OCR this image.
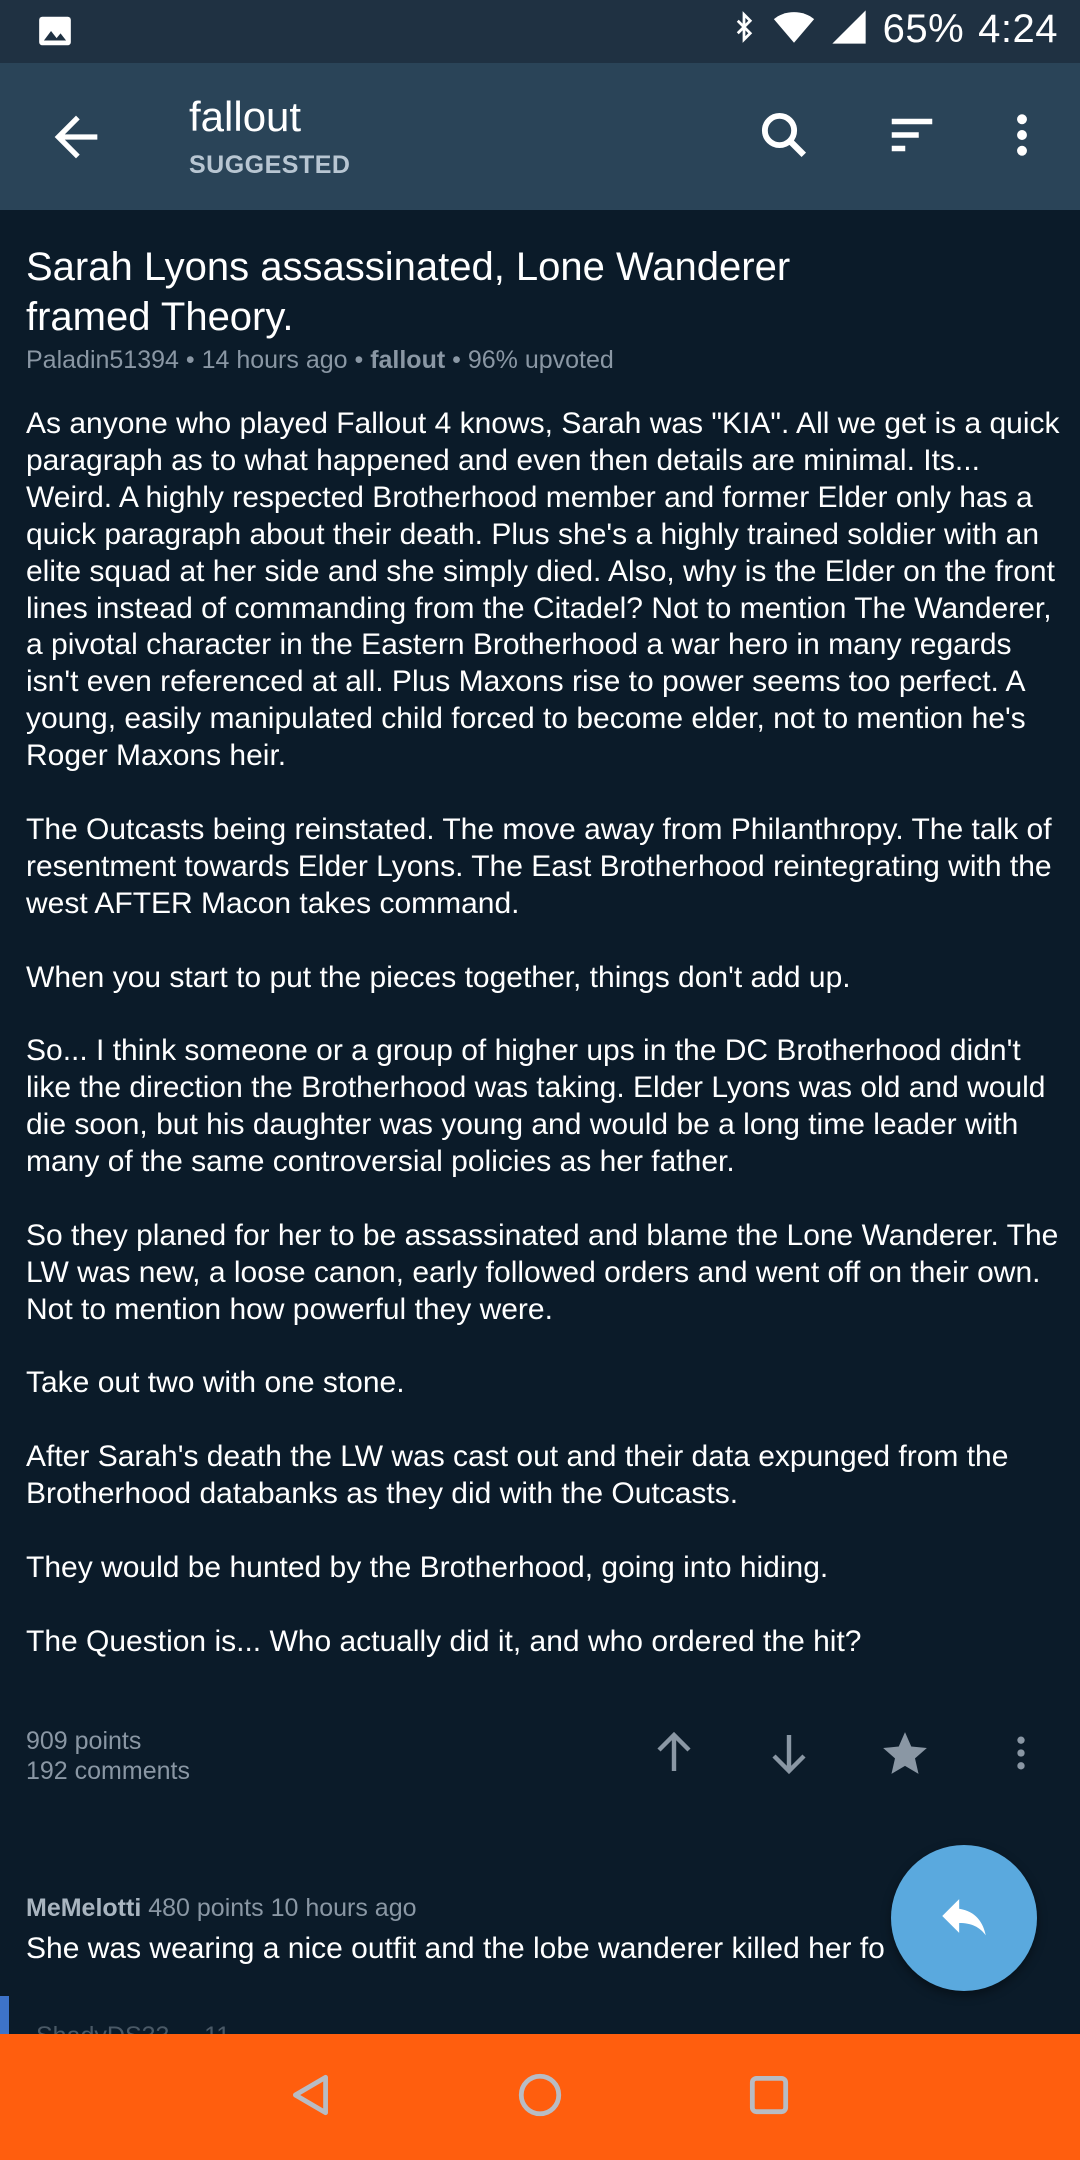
65% 4:24
fallout
SUGGESTED
Sarah Lyons assassinated, Lone Wanderer framed Theory.
Paladin51394 • 14 hours ago • fallout • 96% upvoted

As anyone who played Fallout 4 knows, Sarah was "KIA". All we get is a quick paragraph as to what happened and even then details are minimal. Its... Weird. A highly respected Brotherhood member and former Elder only has a quick paragraph about their death. Plus she's a highly trained soldier with an elite squad at her side and she simply died. Also, why is the Elder on the front lines instead of commanding from the Citadel? Not to mention The Wanderer, a pivotal character in the Eastern Brotherhood a war hero in many regards isn't even referenced at all. Plus Maxons rise to power seems too perfect. A young, easily manipulated child forced to become elder, not to mention he's Roger Maxons heir.

The Outcasts being reinstated. The move away from Philanthropy. The talk of resentment towards Elder Lyons. The East Brotherhood reintegrating with the west AFTER Macon takes command.

When you start to put the pieces together, things don't add up.

So... I think someone or a group of higher ups in the DC Brotherhood didn't like the direction the Brotherhood was taking. Elder Lyons was old and would die soon, but his daughter was young and would be a long time leader with many of the same controversial policies as her father.

So they planed for her to be assassinated and blame the Lone Wanderer. The LW was new, a loose canon, early followed orders and went off on their own. Not to mention how powerful they were.

Take out two with one stone.

After Sarah's death the LW was cast out and their data expunged from the Brotherhood databanks as they did with the Outcasts.

They would be hunted by the Brotherhood, going into hiding.

The Question is... Who actually did it, and who ordered the hit?

909 points
192 comments
MeMelotti 480 points 10 hours ago
She was wearing a nice outfit and the lobe wanderer killed her fo
